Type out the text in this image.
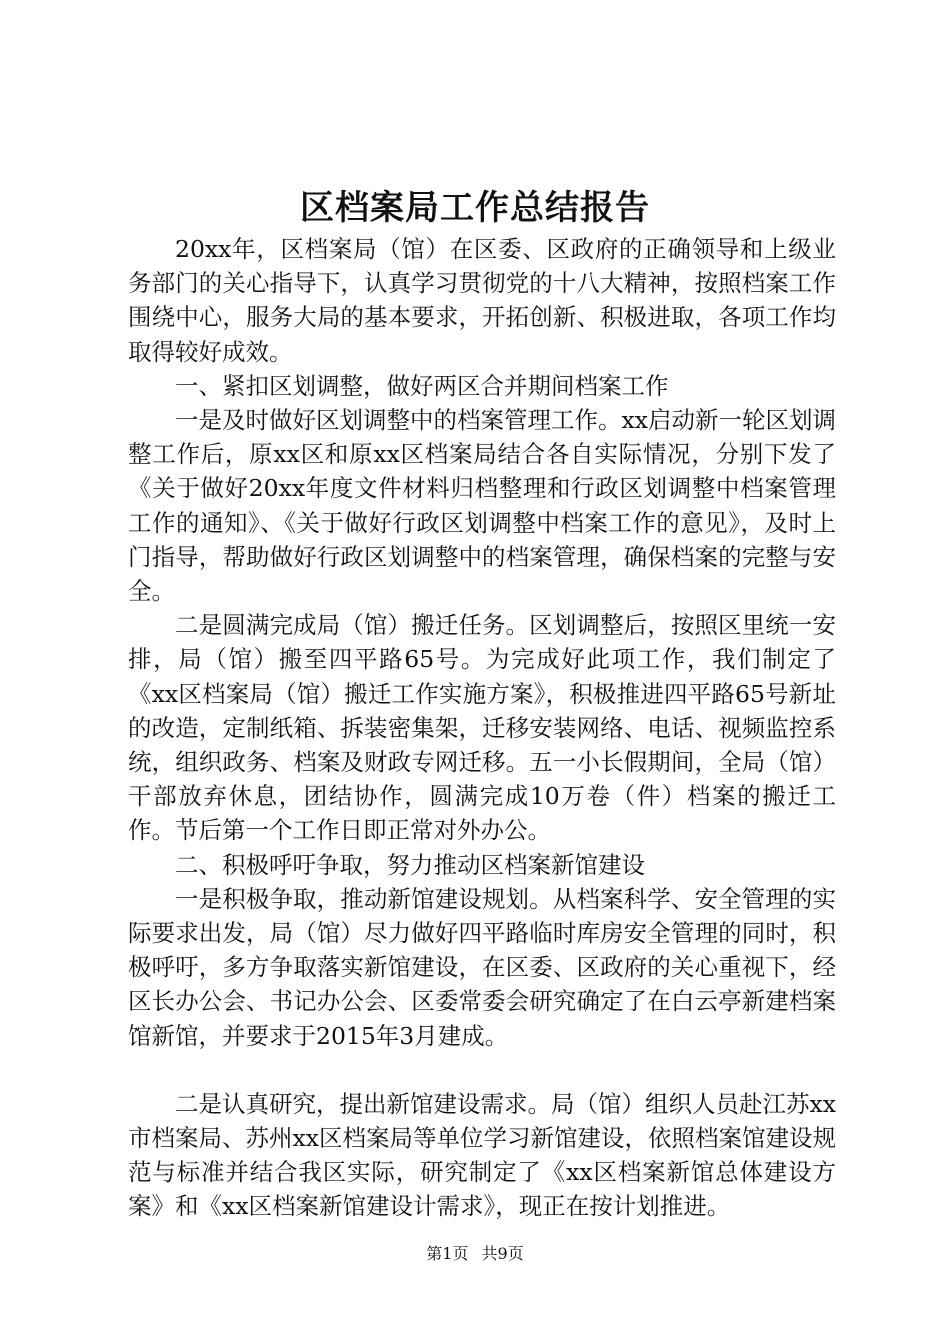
区档案局工作总结报告

20xx年，区档案局（馆）在区委、区政府的正确领导和上级业务部门的关心指导下，认真学习贯彻党的十八大精神，按照档案工作围绕中心，服务大局的基本要求，开拓创新、积极进取，各项工作均取得较好成效。

一、紧扣区划调整，做好两区合并期间档案工作

一是及时做好区划调整中的档案管理工作。xx启动新一轮区划调整工作后，原xx区和原xx区档案局结合各自实际情况，分别下发了《关于做好20xx年度文件材料归档整理和行政区划调整中档案管理工作的通知》、《关于做好行政区划调整中档案工作的意见》，及时上门指导，帮助做好行政区划调整中的档案管理，确保档案的完整与安全。

二是圆满完成局（馆）搬迁任务。区划调整后，按照区里统一安排，局（馆）搬至四平路65号。为完成好此项工作，我们制定了《xx区档案局（馆）搬迁工作实施方案》，积极推进四平路65号新址的改造，定制纸箱、拆装密集架，迁移安装网络、电话、视频监控系统，组织政务、档案及财政专网迁移。五一小长假期间，全局（馆）干部放弃休息，团结协作，圆满完成10万卷（件）档案的搬迁工作。节后第一个工作日即正常对外办公。

二、积极呼吁争取，努力推动区档案新馆建设

一是积极争取，推动新馆建设规划。从档案科学、安全管理的实际要求出发，局（馆）尽力做好四平路临时库房安全管理的同时，积极呼吁，多方争取落实新馆建设，在区委、区政府的关心重视下，经区长办公会、书记办公会、区委常委会研究确定了在白云亭新建档案馆新馆，并要求于2015年3月建成。

二是认真研究，提出新馆建设需求。局（馆）组织人员赴江苏xx市档案局、苏州xx区档案局等单位学习新馆建设，依照档案馆建设规范与标准并结合我区实际，研究制定了《xx区档案新馆总体建设方案》和《xx区档案新馆建设计需求》，现正在按计划推进。

第1页 共9页
